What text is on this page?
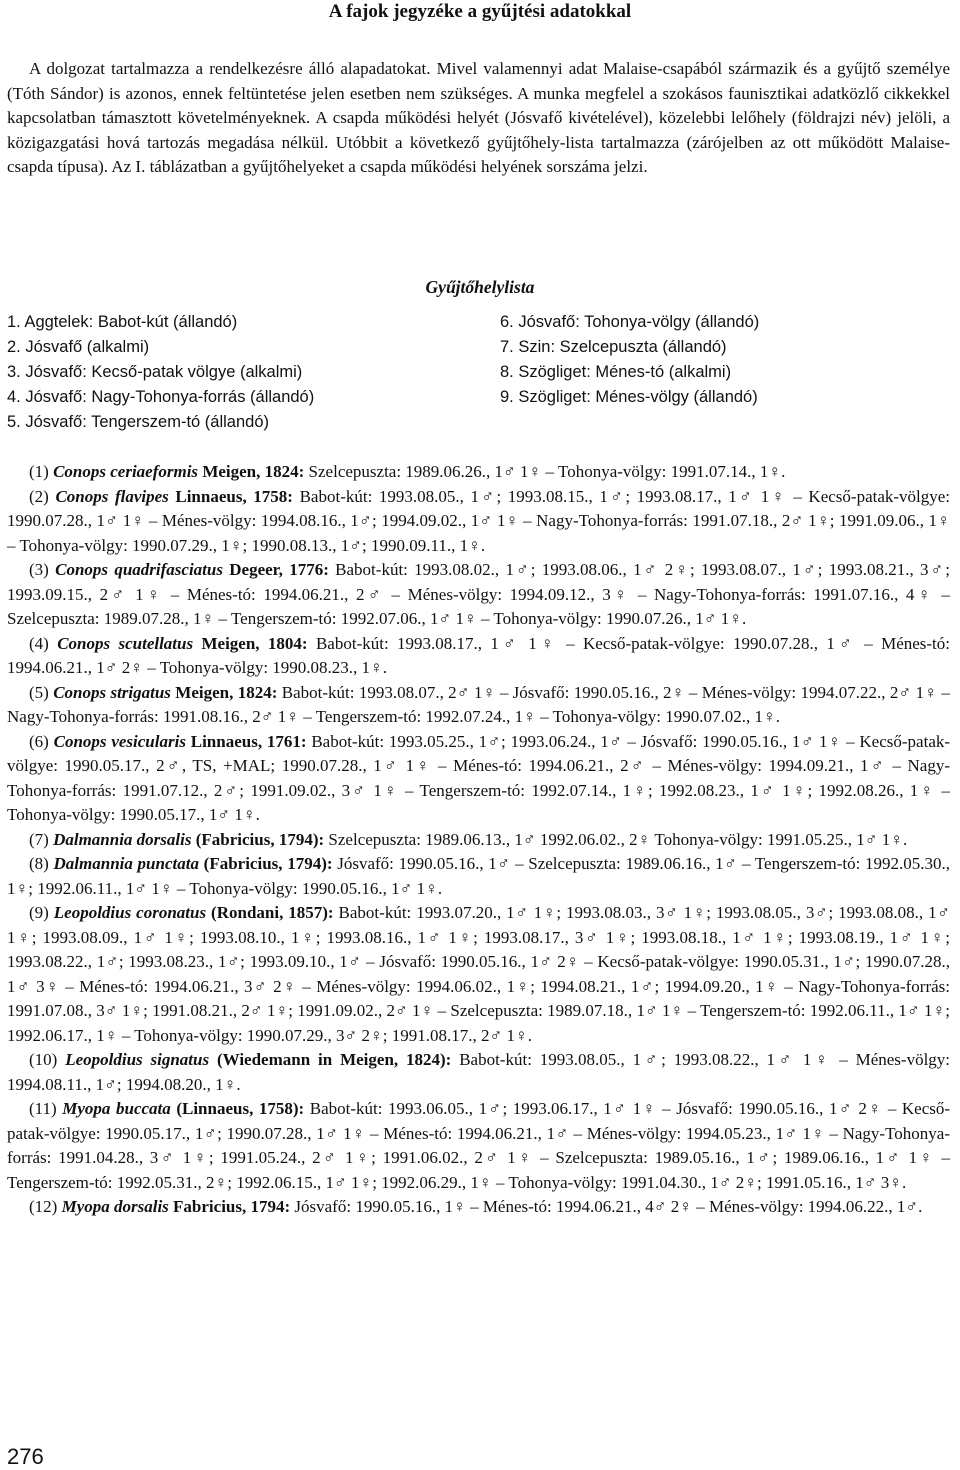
A fajok jegyzéke a gyűjtési adatokkal

A dolgozat tartalmazza a rendelkezésre álló alapadatokat. Mivel valamennyi adat Malaise-csapából származik és a gyűjtő személye (Tóth Sándor) is azonos, ennek feltüntetése jelen esetben nem szükséges. A munka megfelel a szokásos faunisztikai adatközlő cikkekkel kapcsolatban támasztott követelményeknek. A csapda működési helyét (Jósvafő kivételével), közelebbi lelőhely (földrajzi név) jelöli, a közigazgatási hová tartozás megadása nélkül. Utóbbit a következő gyűjtőhely-lista tartalmazza (zárójelben az ott működött Malaise-csapda típusa). Az I. táblázatban a gyűjtőhelyeket a csapda működési helyének sorszáma jelzi.

Gyűjtőhelylista
1. Aggtelek: Babot-kút (állandó)
2. Jósvafő (alkalmi)
3. Jósvafő: Kecső-patak völgye (alkalmi)
4. Jósvafő: Nagy-Tohonya-forrás (állandó)
5. Jósvafő: Tengerszem-tó (állandó)
6. Jósvafő: Tohonya-völgy (állandó)
7. Szin: Szelcepuszta (állandó)
8. Szögliget: Ménes-tó (alkalmi)
9. Szögliget: Ménes-völgy (állandó)

(1) Conops ceriaeformis Meigen, 1824: Szelcepuszta: 1989.06.26., 1♂ 1♀ – Tohonya-völgy: 1991.07.14., 1♀.

(2) Conops flavipes Linnaeus, 1758: Babot-kút: 1993.08.05., 1♂; 1993.08.15., 1♂; 1993.08.17., 1♂ 1♀ – Kecső-patak-völgye: 1990.07.28., 1♂ 1♀ – Ménes-völgy: 1994.08.16., 1♂; 1994.09.02., 1♂ 1♀ – Nagy-Tohonya-forrás: 1991.07.18., 2♂ 1♀; 1991.09.06., 1♀ – Tohonya-völgy: 1990.07.29., 1♀; 1990.08.13., 1♂; 1990.09.11., 1♀.

(3) Conops quadrifasciatus Degeer, 1776: Babot-kút: 1993.08.02., 1♂; 1993.08.06., 1♂ 2♀; 1993.08.07., 1♂; 1993.08.21., 3♂; 1993.09.15., 2♂ 1♀ – Ménes-tó: 1994.06.21., 2♂ – Ménes-völgy: 1994.09.12., 3♀ – Nagy-Tohonya-forrás: 1991.07.16., 4♀ – Szelcepuszta: 1989.07.28., 1♀ – Tengerszem-tó: 1992.07.06., 1♂ 1♀ – Tohonya-völgy: 1990.07.26., 1♂ 1♀.

(4) Conops scutellatus Meigen, 1804: Babot-kút: 1993.08.17., 1♂ 1♀ – Kecső-patak-völgye: 1990.07.28., 1♂ – Ménes-tó: 1994.06.21., 1♂ 2♀ – Tohonya-völgy: 1990.08.23., 1♀.

(5) Conops strigatus Meigen, 1824: Babot-kút: 1993.08.07., 2♂ 1♀ – Jósvafő: 1990.05.16., 2♀ – Ménes-völgy: 1994.07.22., 2♂ 1♀ – Nagy-Tohonya-forrás: 1991.08.16., 2♂ 1♀ – Tengerszem-tó: 1992.07.24., 1♀ – Tohonya-völgy: 1990.07.02., 1♀.

(6) Conops vesicularis Linnaeus, 1761: Babot-kút: 1993.05.25., 1♂; 1993.06.24., 1♂ – Jósvafő: 1990.05.16., 1♂ 1♀ – Kecső-patak-völgye: 1990.05.17., 2♂, TS, +MAL; 1990.07.28., 1♂ 1♀ – Ménes-tó: 1994.06.21., 2♂ – Ménes-völgy: 1994.09.21., 1♂ – Nagy-Tohonya-forrás: 1991.07.12., 2♂; 1991.09.02., 3♂ 1♀ – Tengerszem-tó: 1992.07.14., 1♀; 1992.08.23., 1♂ 1♀; 1992.08.26., 1♀ – Tohonya-völgy: 1990.05.17., 1♂ 1♀.

(7) Dalmannia dorsalis (Fabricius, 1794): Szelcepuszta: 1989.06.13., 1♂ 1992.06.02., 2♀ Tohonya-völgy: 1991.05.25., 1♂ 1♀.

(8) Dalmannia punctata (Fabricius, 1794): Jósvafő: 1990.05.16., 1♂ – Szelcepuszta: 1989.06.16., 1♂ – Tengerszem-tó: 1992.05.30., 1♀; 1992.06.11., 1♂ 1♀ – Tohonya-völgy: 1990.05.16., 1♂ 1♀.

(9) Leopoldius coronatus (Rondani, 1857): Babot-kút: 1993.07.20., 1♂ 1♀; 1993.08.03., 3♂ 1♀; 1993.08.05., 3♂; 1993.08.08., 1♂ 1♀; 1993.08.09., 1♂ 1♀; 1993.08.10., 1♀; 1993.08.16., 1♂ 1♀; 1993.08.17., 3♂ 1♀; 1993.08.18., 1♂ 1♀; 1993.08.19., 1♂ 1♀; 1993.08.22., 1♂; 1993.08.23., 1♂; 1993.09.10., 1♂ – Jósvafő: 1990.05.16., 1♂ 2♀ – Kecső-patak-völgye: 1990.05.31., 1♂; 1990.07.28., 1♂ 3♀ – Ménes-tó: 1994.06.21., 3♂ 2♀ – Ménes-völgy: 1994.06.02., 1♀; 1994.08.21., 1♂; 1994.09.20., 1♀ – Nagy-Tohonya-forrás: 1991.07.08., 3♂ 1♀; 1991.08.21., 2♂ 1♀; 1991.09.02., 2♂ 1♀ – Szelcepuszta: 1989.07.18., 1♂ 1♀ – Tengerszem-tó: 1992.06.11., 1♂ 1♀; 1992.06.17., 1♀ – Tohonya-völgy: 1990.07.29., 3♂ 2♀; 1991.08.17., 2♂ 1♀.

(10) Leopoldius signatus (Wiedemann in Meigen, 1824): Babot-kút: 1993.08.05., 1♂; 1993.08.22., 1♂ 1♀ – Ménes-völgy: 1994.08.11., 1♂; 1994.08.20., 1♀.

(11) Myopa buccata (Linnaeus, 1758): Babot-kút: 1993.06.05., 1♂; 1993.06.17., 1♂ 1♀ – Jósvafő: 1990.05.16., 1♂ 2♀ – Kecső-patak-völgye: 1990.05.17., 1♂; 1990.07.28., 1♂ 1♀ – Ménes-tó: 1994.06.21., 1♂ – Ménes-völgy: 1994.05.23., 1♂ 1♀ – Nagy-Tohonya-forrás: 1991.04.28., 3♂ 1♀; 1991.05.24., 2♂ 1♀; 1991.06.02., 2♂ 1♀ – Szelcepuszta: 1989.05.16., 1♂; 1989.06.16., 1♂ 1♀ – Tengerszem-tó: 1992.05.31., 2♀; 1992.06.15., 1♂ 1♀; 1992.06.29., 1♀ – Tohonya-völgy: 1991.04.30., 1♂ 2♀; 1991.05.16., 1♂ 3♀.

(12) Myopa dorsalis Fabricius, 1794: Jósvafő: 1990.05.16., 1♀ – Ménes-tó: 1994.06.21., 4♂ 2♀ – Ménes-völgy: 1994.06.22., 1♂.

276
